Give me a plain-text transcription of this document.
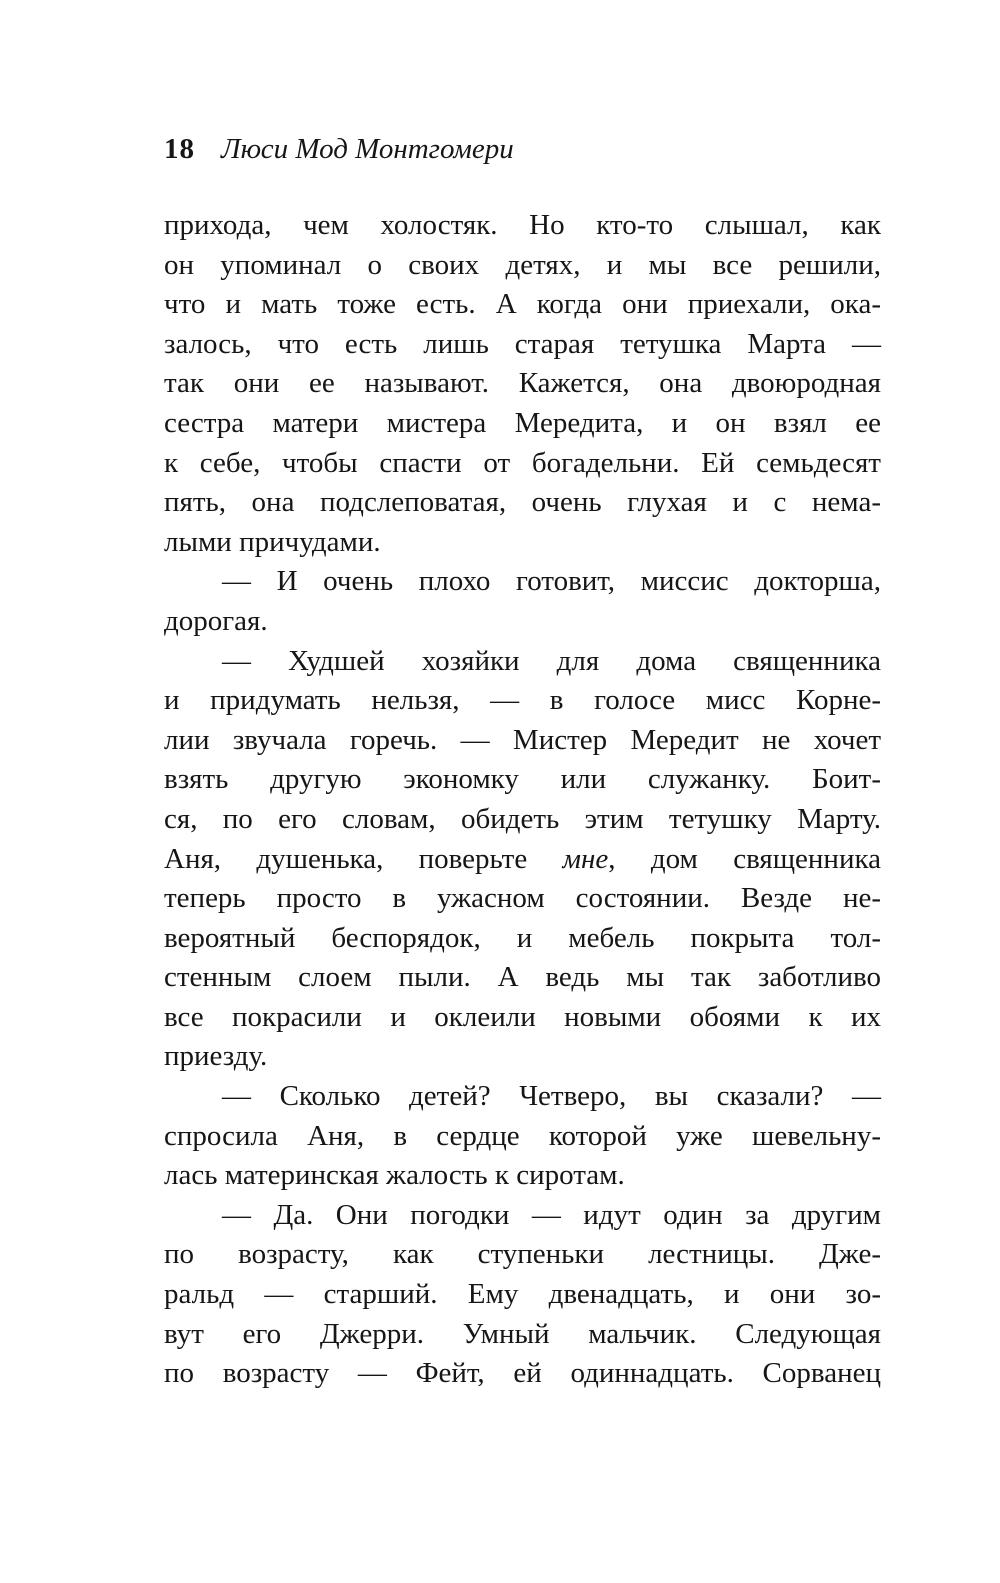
18 Люси Мод Монтгомери
прихода, чем холостяк. Но кто-то слышал, как
он упоминал о своих детях, и мы все решили,
что и мать тоже есть. А когда они приехали, ока-
залось, что есть лишь старая тетушка Марта —
так они ее называют. Кажется, она двоюродная
сестра матери мистера Мередита, и он взял ее
к себе, чтобы спасти от богадельни. Ей семьдесят
пять, она подслеповатая, очень глухая и с нема-
лыми причудами.
— И очень плохо готовит, миссис докторша,
дорогая.
— Худшей хозяйки для дома священника
и придумать нельзя, — в голосе мисс Корне-
лии звучала горечь. — Мистер Мередит не хочет
взять другую экономку или служанку. Боит-
ся, по его словам, обидеть этим тетушку Марту.
Аня, душенька, поверьте мне, дом священника
теперь просто в ужасном состоянии. Везде не-
вероятный беспорядок, и мебель покрыта тол-
стенным слоем пыли. А ведь мы так заботливо
все покрасили и оклеили новыми обоями к их
приезду.
— Сколько детей? Четверо, вы сказали? —
спросила Аня, в сердце которой уже шевельну-
лась материнская жалость к сиротам.
— Да. Они погодки — идут один за другим
по возрасту, как ступеньки лестницы. Дже-
ральд — старший. Ему двенадцать, и они зо-
вут его Джерри. Умный мальчик. Следующая
по возрасту — Фейт, ей одиннадцать. Сорванец
